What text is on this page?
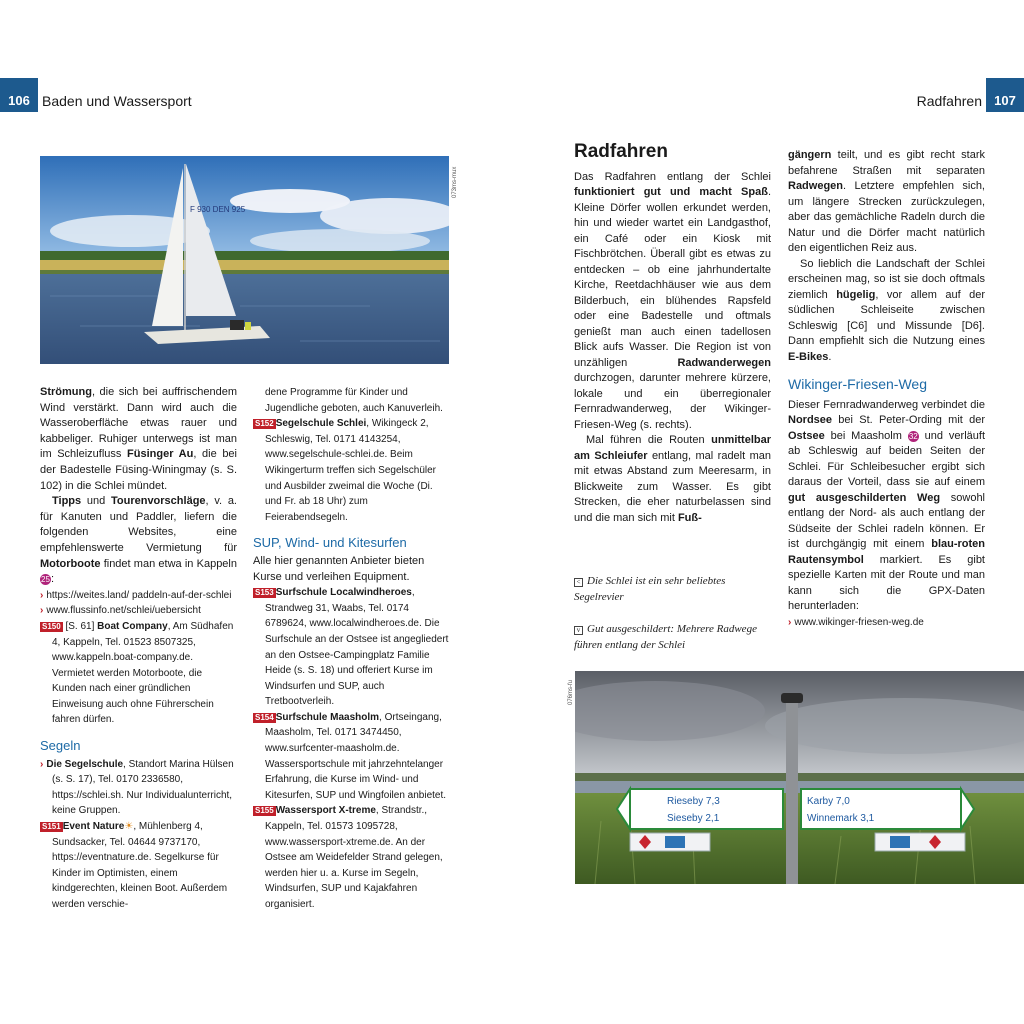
106 Baden und Wassersport	Radfahren 107
F 930 DEN 925
073ms-mux

Strömung, die sich bei auffrischendem Wind verstärkt. Dann wird auch die Wasseroberfläche etwas rauer und kabbeliger. Ruhiger unterwegs ist man im Schleizufluss Füsinger Au, die bei der Badestelle Füsing-Winingmay (s. S. 102) in die Schlei mündet.

Tipps und Tourenvorschläge, v. a. für Kanuten und Paddler, liefern die folgenden Websites, eine empfehlenswerte Vermietung für Motorboote findet man etwa in Kappeln 25:

› https://weites.land/ paddeln-auf-der-schlei

› www.flussinfo.net/schlei/uebersicht

S150 [S. 61] Boat Company, Am Südhafen 4, Kappeln, Tel. 01523 8507325, www.kappeln.boat-company.de. Vermietet werden Motorboote, die Kunden nach einer gründlichen Einweisung auch ohne Führerschein fahren dürfen.

Segeln

› Die Segelschule, Standort Marina Hülsen (s. S. 17), Tel. 0170 2336580, https://schlei.sh. Nur Individualunterricht, keine Gruppen.

S151 Event Nature☀, Mühlenberg 4, Sundsacker, Tel. 04644 9737170, https://eventnature.de. Segelkurse für Kinder im Optimisten, einem kindgerechten, kleinen Boot. Außerdem werden verschie-

dene Programme für Kinder und Jugendliche geboten, auch Kanuverleih.

S152 Segelschule Schlei, Wikingeck 2, Schleswig, Tel. 0171 4143254, www.segelschule-schlei.de. Beim Wikingerturm treffen sich Segelschüler und Ausbilder zweimal die Woche (Di. und Fr. ab 18 Uhr) zum Feierabendsegeln.

SUP, Wind- und Kitesurfen

Alle hier genannten Anbieter bieten Kurse und verleihen Equipment.

S153 Surfschule Localwindheroes, Strandweg 31, Waabs, Tel. 0174 6789624, www.localwindheroes.de. Die Surfschule an der Ostsee ist angegliedert an den Ostsee-Campingplatz Familie Heide (s. S. 18) und offeriert Kurse im Windsurfen und SUP, auch Tretbootverleih.

S154 Surfschule Maasholm, Ortseingang, Maasholm, Tel. 0171 3474450, www.surfcenter-maasholm.de. Wassersportschule mit jahrzehntelanger Erfahrung, die Kurse im Wind- und Kitesurfen, SUP und Wingfoilen anbietet.

S155 Wassersport X-treme, Strandstr., Kappeln, Tel. 01573 1095728, www.wassersport-xtreme.de. An der Ostsee am Weidefelder Strand gelegen, werden hier u. a. Kurse im Segeln, Windsurfen, SUP und Kajakfahren organisiert.

Radfahren

Das Radfahren entlang der Schlei funktioniert gut und macht Spaß. Kleine Dörfer wollen erkundet werden, hin und wieder wartet ein Landgasthof, ein Café oder ein Kiosk mit Fischbrötchen. Überall gibt es etwas zu entdecken – ob eine jahrhundertalte Kirche, Reetdachhäuser wie aus dem Bilderbuch, ein blühendes Rapsfeld oder eine Badestelle und oftmals genießt man auch einen tadellosen Blick aufs Wasser. Die Region ist von unzähligen Radwanderwegen durchzogen, darunter mehrere kürzere, lokale und ein überregionaler Fernradwanderweg, der Wikinger-Friesen-Weg (s. rechts).

Mal führen die Routen unmittelbar am Schleiufer entlang, mal radelt man mit etwas Abstand zum Meeresarm, in Blickweite zum Wasser. Es gibt Strecken, die eher naturbelassen sind und die man sich mit Fuß-

< Die Schlei ist ein sehr beliebtes Segelrevier
v Gut ausgeschildert: Mehrere Radwege führen entlang der Schlei

gängern teilt, und es gibt recht stark befahrene Straßen mit separaten Radwegen. Letztere empfehlen sich, um längere Strecken zurückzulegen, aber das gemächliche Radeln durch die Natur und die Dörfer macht natürlich den eigentlichen Reiz aus.

So lieblich die Landschaft der Schlei erscheinen mag, so ist sie doch oftmals ziemlich hügelig, vor allem auf der südlichen Schleiseite zwischen Schleswig [C6] und Missunde [D6]. Dann empfiehlt sich die Nutzung eines E-Bikes.

Wikinger-Friesen-Weg

Dieser Fernradwanderweg verbindet die Nordsee bei St. Peter-Ording mit der Ostsee bei Maasholm 32 und verläuft ab Schleswig auf beiden Seiten der Schlei. Für Schleibesucher ergibt sich daraus der Vorteil, dass sie auf einem gut ausgeschilderten Weg sowohl entlang der Nord- als auch entlang der Südseite der Schlei radeln können. Er ist durchgängig mit einem blau-roten Rautensymbol markiert. Es gibt spezielle Karten mit der Route und man kann sich die GPX-Daten herunterladen:

› www.wikinger-friesen-weg.de

076ms-fu
Rieseby 7,3
Sieseby 2,1
Karby 7,0
Winnemark 3,1
